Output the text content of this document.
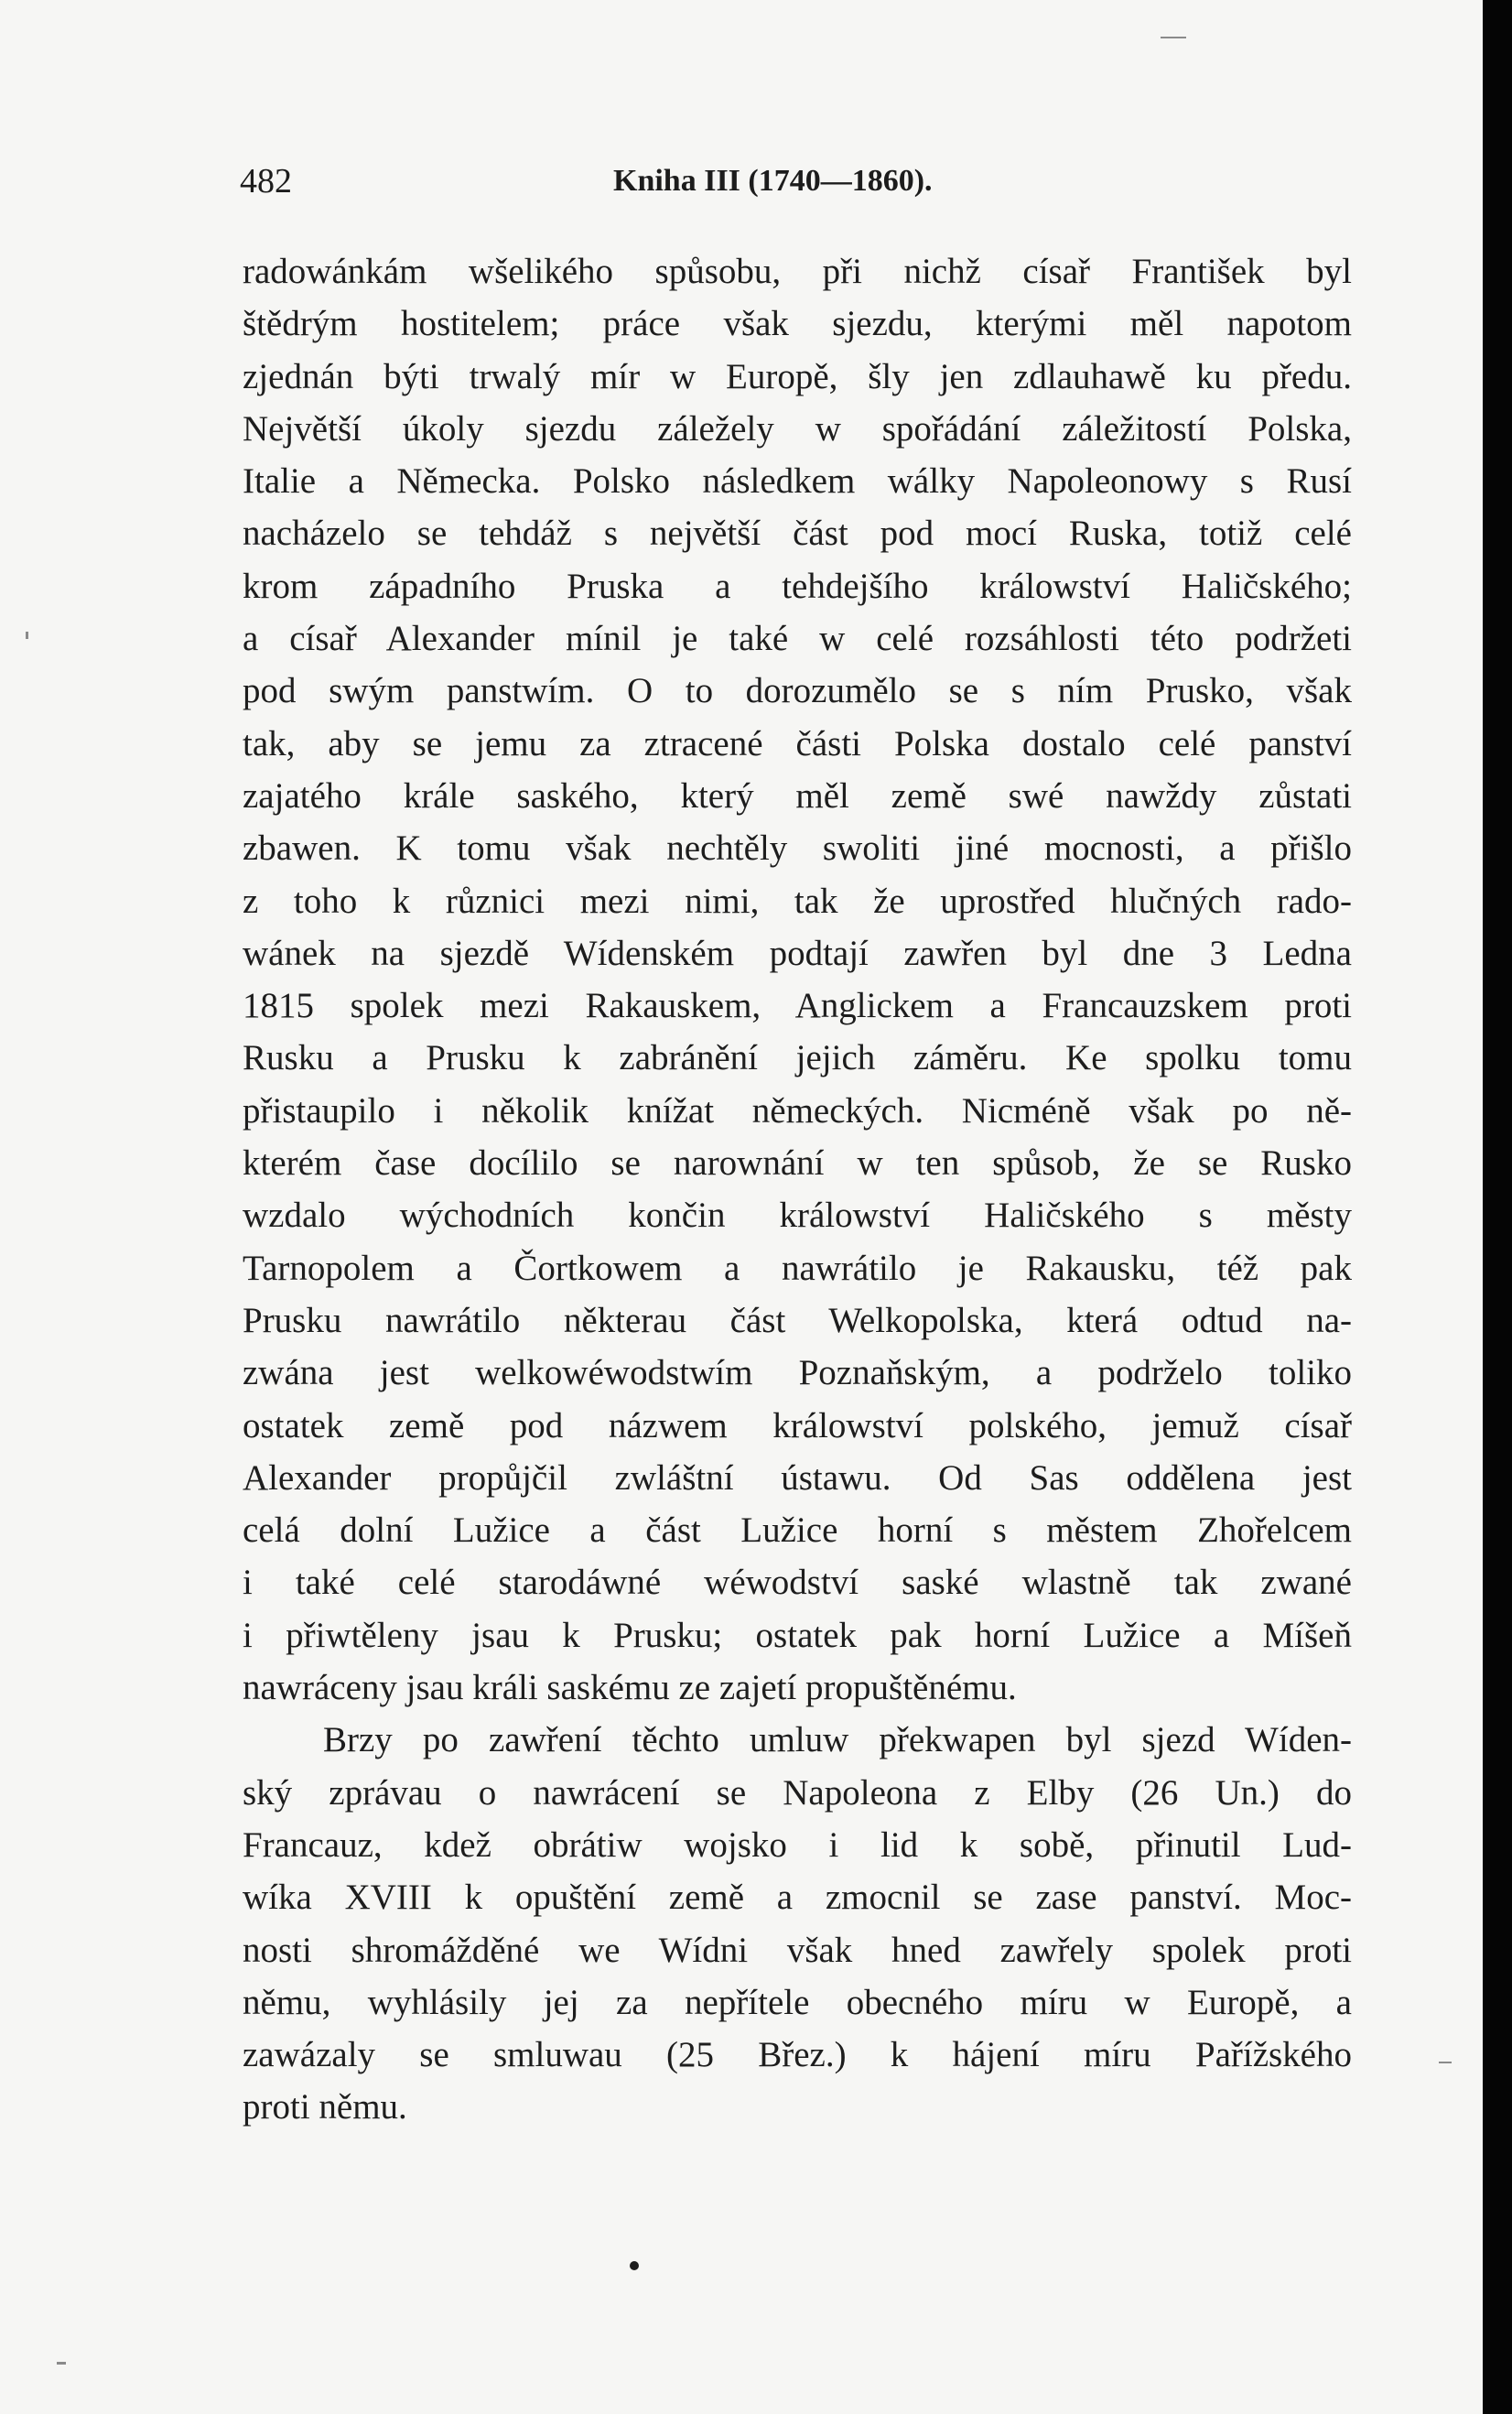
482	Kniha III (1740—1860).
radowánkám wšelikého spůsobu, při nichž císař František byl
štědrým hostitelem; práce však sjezdu, kterými měl napotom
zjednán býti trwalý mír w Europě, šly jen zdlauhawě ku předu.
Největší úkoly sjezdu záležely w spořádání záležitostí Polska,
Italie a Německa. Polsko následkem wálky Napoleonowy s Rusí
nacházelo se tehdáž s největší část pod mocí Ruska, totiž celé
krom západního Pruska a tehdejšího králowství Haličského;
a císař Alexander mínil je také w celé rozsáhlosti této podržeti
pod swým panstwím. O to dorozumělo se s ním Prusko, však
tak, aby se jemu za ztracené části Polska dostalo celé panství
zajatého krále saského, který měl země swé nawždy zůstati
zbawen. K tomu však nechtěly swoliti jiné mocnosti, a přišlo
z toho k různici mezi nimi, tak že uprostřed hlučných rado-
wánek na sjezdě Wídenském podtají zawřen byl dne 3 Ledna
1815 spolek mezi Rakauskem, Anglickem a Francauzskem proti
Rusku a Prusku k zabránění jejich záměru. Ke spolku tomu
přistaupilo i několik knížat německých. Nicméně však po ně-
kterém čase docílilo se narownání w ten spůsob, že se Rusko
wzdalo wýchodních končin králowství Haličského s městy
Tarnopolem a Čortkowem a nawrátilo je Rakausku, též pak
Prusku nawrátilo některau část Welkopolska, která odtud na-
zwána jest welkowéwodstwím Poznaňským, a podrželo toliko
ostatek země pod názwem králowství polského, jemuž císař
Alexander propůjčil zwláštní ústawu. Od Sas oddělena jest
celá dolní Lužice a část Lužice horní s městem Zhořelcem
i také celé starodáwné wéwodství saské wlastně tak zwané
i přiwtěleny jsau k Prusku; ostatek pak horní Lužice a Míšeň
nawráceny jsau králi saskému ze zajetí propuštěnému.
Brzy po zawření těchto umluw překwapen byl sjezd Wíden-
ský zprávau o nawrácení se Napoleona z Elby (26 Un.) do
Francauz, kdež obrátiw wojsko i lid k sobě, přinutil Lud-
wíka XVIII k opuštění země a zmocnil se zase panství. Moc-
nosti shromážděné we Wídni však hned zawřely spolek proti
němu, wyhlásily jej za nepřítele obecného míru w Europě, a
zawázaly se smluwau (25 Břez.) k hájení míru Pařížského
proti němu.
